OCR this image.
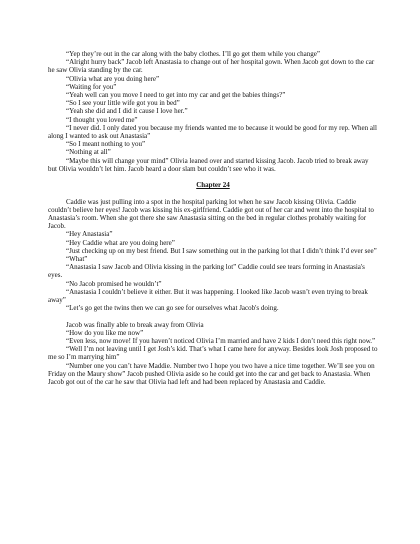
“Yep they’re out in the car along with the baby clothes. I’ll go get them while you change”

“Alright hurry back” Jacob left Anastasia to change out of her hospital gown. When Jacob got down to the car he saw Olivia standing by the car.

“Olivia what are you doing here”

“Waiting for you”

“Yeah well can you move I need to get into my car and get the babies things?”

“So I see your little wife got you in bed”

“Yeah she did and I did it cause I love her.”

“I thought you loved me”

“I never did. I only dated you because my friends wanted me to because it would be good for my rep. When all along I wanted to ask out Anastasia”

“So I meant nothing to you”

“Nothing at all”

“Maybe this will change your mind” Olivia leaned over and started kissing Jacob. Jacob tried to break away but Olivia wouldn’t let him. Jacob heard a door slam but couldn’t see who it was.

Chapter 24

Caddie was just pulling into a spot in the hospital parking lot when he saw Jacob kissing Olivia. Caddie couldn’t believe her eyes! Jacob was kissing his ex-girlfriend. Caddie got out of her car and went into the hospital to Anastasia’s room. When she got there she saw Anastasia sitting on the bed in regular clothes probably waiting for Jacob.

“Hey Anastasia”

“Hey Caddie what are you doing here”

“Just checking up on my best friend. But I saw something out in the parking lot that I didn’t think I’d ever see”

“What”

“Anastasia I saw Jacob and Olivia kissing in the parking lot” Caddie could see tears forming in Anastasia's eyes.

“No Jacob promised he wouldn’t”

“Anastasia I couldn’t believe it either. But it was happening. I looked like Jacob wasn’t even trying to break away”

“Let’s go get the twins then we can go see for ourselves what Jacob's doing.

Jacob was finally able to break away from Olivia

“How do you like me now”

“Even less, now move! If you haven’t noticed Olivia I’m married and have 2 kids I don’t need this right now.”

“Well I’m not leaving until I get Josh’s kid. That’s what I came here for anyway. Besides look Josh proposed to me so I’m marrying him”

“Number one you can’t have Maddie. Number two I hope you two have a nice time together. We’ll see you on Friday on the Maury show” Jacob pushed Olivia aside so he could get into the car and get back to Anastasia. When Jacob got out of the car he saw that Olivia had left and had been replaced by Anastasia and Caddie.
